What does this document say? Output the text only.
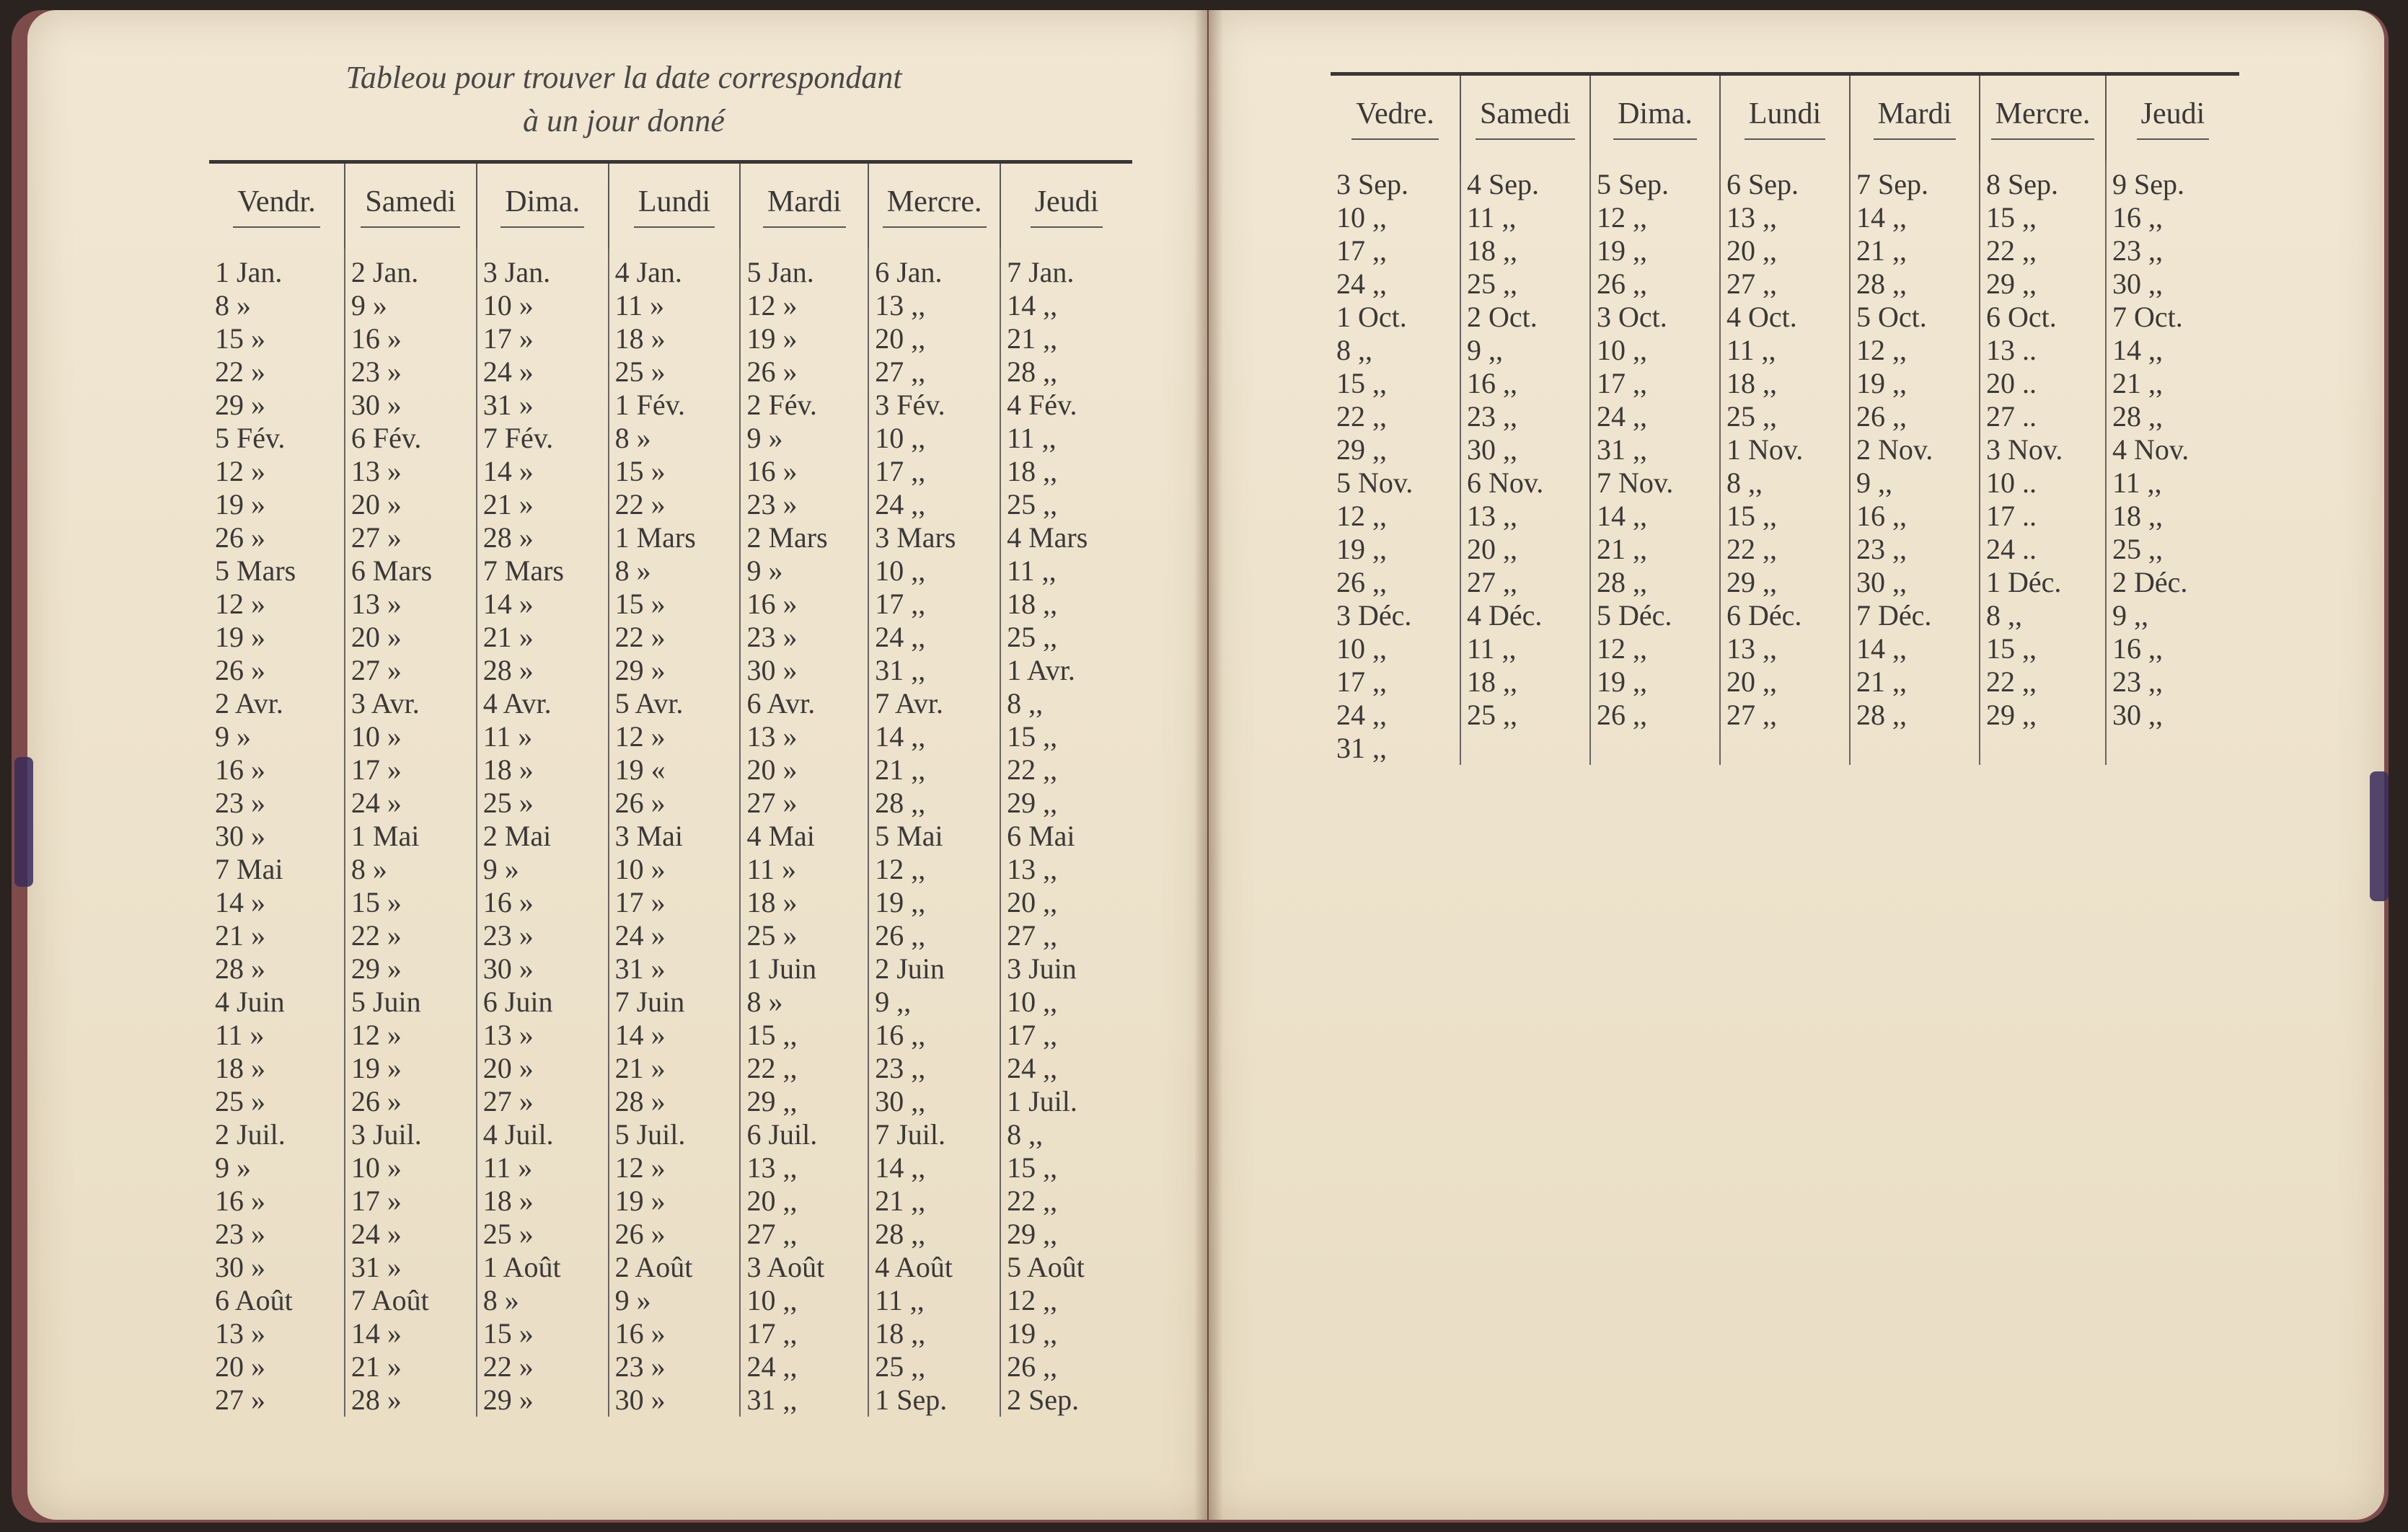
Tableou pour trouver la date correspondant
à un jour donné
Vendr.	Samedi	Dima.	Lundi	Mardi	Mercre.	Jeudi
1 Jan.	2 Jan.	3 Jan.	4 Jan.	5 Jan.	6 Jan.	7 Jan.
8 »	9 »	10 »	11 »	12 »	13 ,,	14 ,,
15 »	16 »	17 »	18 »	19 »	20 ,,	21 ,,
22 »	23 »	24 »	25 »	26 »	27 ,,	28 ,,
29 »	30 »	31 »	1 Fév.	2 Fév.	3 Fév.	4 Fév.
5 Fév.	6 Fév.	7 Fév.	8 »	9 »	10 ,,	11 ,,
12 »	13 »	14 »	15 »	16 »	17 ,,	18 ,,
19 »	20 »	21 »	22 »	23 »	24 ,,	25 ,,
26 »	27 »	28 »	1 Mars	2 Mars	3 Mars	4 Mars
5 Mars	6 Mars	7 Mars	8 »	9 »	10 ,,	11 ,,
12 »	13 »	14 »	15 »	16 »	17 ,,	18 ,,
19 »	20 »	21 »	22 »	23 »	24 ,,	25 ,,
26 »	27 »	28 »	29 »	30 »	31 ,,	1 Avr.
2 Avr.	3 Avr.	4 Avr.	5 Avr.	6 Avr.	7 Avr.	8 ,,
9 »	10 »	11 »	12 »	13 »	14 ,,	15 ,,
16 »	17 »	18 »	19 «	20 »	21 ,,	22 ,,
23 »	24 »	25 »	26 »	27 »	28 ,,	29 ,,
30 »	1 Mai	2 Mai	3 Mai	4 Mai	5 Mai	6 Mai
7 Mai	8 »	9 »	10 »	11 »	12 ,,	13 ,,
14 »	15 »	16 »	17 »	18 »	19 ,,	20 ,,
21 »	22 »	23 »	24 »	25 »	26 ,,	27 ,,
28 »	29 »	30 »	31 »	1 Juin	2 Juin	3 Juin
4 Juin	5 Juin	6 Juin	7 Juin	8 »	9 ,,	10 ,,
11 »	12 »	13 »	14 »	15 ,,	16 ,,	17 ,,
18 »	19 »	20 »	21 »	22 ,,	23 ,,	24 ,,
25 »	26 »	27 »	28 »	29 ,,	30 ,,	1 Juil.
2 Juil.	3 Juil.	4 Juil.	5 Juil.	6 Juil.	7 Juil.	8 ,,
9 »	10 »	11 »	12 »	13 ,,	14 ,,	15 ,,
16 »	17 »	18 »	19 »	20 ,,	21 ,,	22 ,,
23 »	24 »	25 »	26 »	27 ,,	28 ,,	29 ,,
30 »	31 »	1 Août	2 Août	3 Août	4 Août	5 Août
6 Août	7 Août	8 »	9 »	10 ,,	11 ,,	12 ,,
13 »	14 »	15 »	16 »	17 ,,	18 ,,	19 ,,
20 »	21 »	22 »	23 »	24 ,,	25 ,,	26 ,,
27 »	28 »	29 »	30 »	31 ,,	1 Sep.	2 Sep.
Vedre.	Samedi	Dima.	Lundi	Mardi	Mercre.	Jeudi
3 Sep.	4 Sep.	5 Sep.	6 Sep.	7 Sep.	8 Sep.	9 Sep.
10 ,,	11 ,,	12 ,,	13 ,,	14 ,,	15 ,,	16 ,,
17 ,,	18 ,,	19 ,,	20 ,,	21 ,,	22 ,,	23 ,,
24 ,,	25 ,,	26 ,,	27 ,,	28 ,,	29 ,,	30 ,,
1 Oct.	2 Oct.	3 Oct.	4 Oct.	5 Oct.	6 Oct.	7 Oct.
8 ,,	9 ,,	10 ,,	11 ,,	12 ,,	13 ..	14 ,,
15 ,,	16 ,,	17 ,,	18 ,,	19 ,,	20 ..	21 ,,
22 ,,	23 ,,	24 ,,	25 ,,	26 ,,	27 ..	28 ,,
29 ,,	30 ,,	31 ,,	1 Nov.	2 Nov.	3 Nov.	4 Nov.
5 Nov.	6 Nov.	7 Nov.	8 ,,	9 ,,	10 ..	11 ,,
12 ,,	13 ,,	14 ,,	15 ,,	16 ,,	17 ..	18 ,,
19 ,,	20 ,,	21 ,,	22 ,,	23 ,,	24 ..	25 ,,
26 ,,	27 ,,	28 ,,	29 ,,	30 ,,	1 Déc.	2 Déc.
3 Déc.	4 Déc.	5 Déc.	6 Déc.	7 Déc.	8 ,,	9 ,,
10 ,,	11 ,,	12 ,,	13 ,,	14 ,,	15 ,,	16 ,,
17 ,,	18 ,,	19 ,,	20 ,,	21 ,,	22 ,,	23 ,,
24 ,,	25 ,,	26 ,,	27 ,,	28 ,,	29 ,,	30 ,,
31 ,,						
